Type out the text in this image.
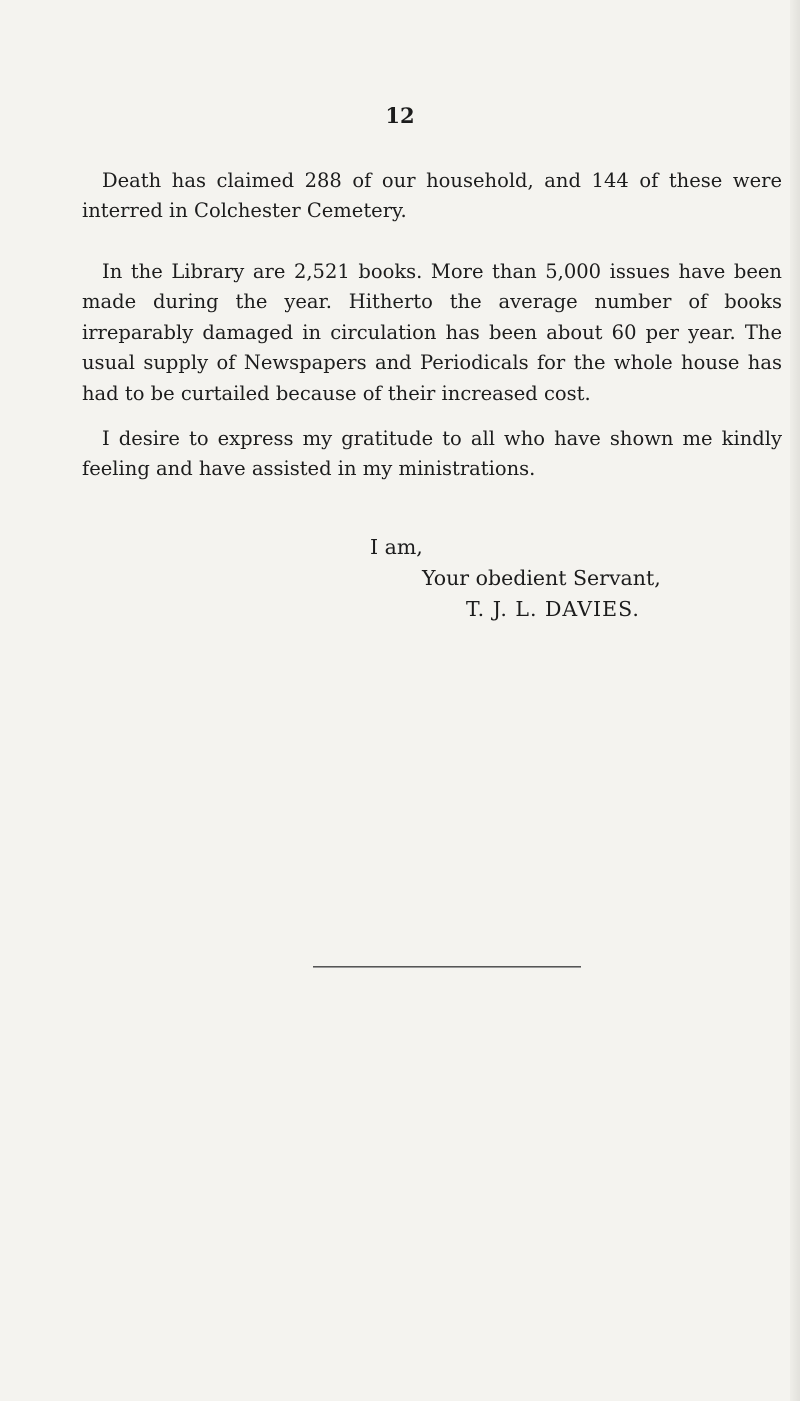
12

Death has claimed 288 of our household, and 144 of these were interred in Colchester Cemetery.

In the Library are 2,521 books. More than 5,000 issues have been made during the year. Hitherto the average number of books irreparably damaged in circulation has been about 60 per year. The usual supply of Newspapers and Periodicals for the whole house has had to be curtailed because of their increased cost.

I desire to express my gratitude to all who have shown me kindly feeling and have assisted in my ministrations.

I am,
Your obedient Servant,
T. J. L. DAVIES.
